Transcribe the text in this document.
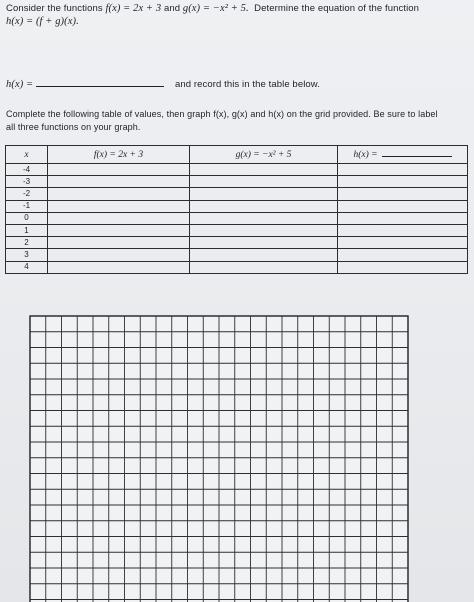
Consider the functions f(x) = 2x + 3 and g(x) = −x² + 5. Determine the equation of the function
h(x) = (f + g)(x).
h(x) =	and record this in the table below.
Complete the following table of values, then graph f(x), g(x) and h(x) on the grid provided. Be sure to label
all three functions on your graph.
x	f(x) = 2x + 3	g(x) = −x² + 5	h(x) =
-4			
-3			
-2			
-1			
0			
1			
2			
3			
4			
